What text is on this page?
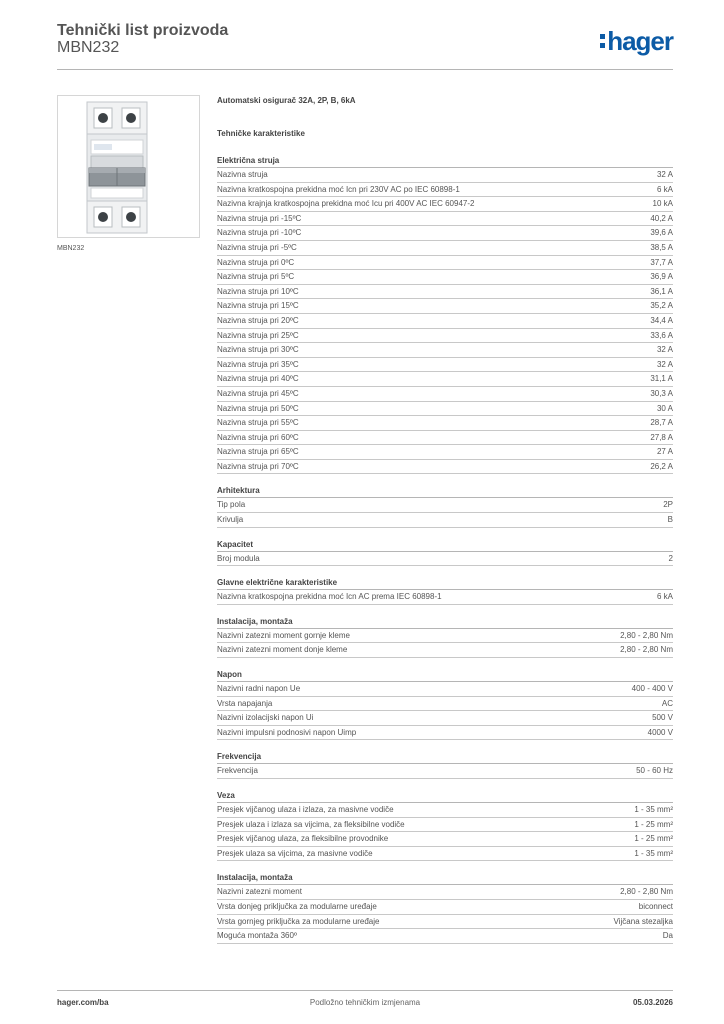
Tehnički list proizvoda
MBN232	hager
MBN232
Automatski osigurač 32A, 2P, B, 6kA
Tehničke karakteristike
Električna struja
Nazivna struja	32 A
Nazivna kratkospojna prekidna moć Icn pri 230V AC po IEC 60898-1	6 kA
Nazivna krajnja kratkospojna prekidna moć Icu pri 400V AC IEC 60947-2	10 kA
Nazivna struja pri -15ºC	40,2 A
Nazivna struja pri -10ºC	39,6 A
Nazivna struja pri -5ºC	38,5 A
Nazivna struja pri 0ºC	37,7 A
Nazivna struja pri 5ºC	36,9 A
Nazivna struja pri 10ºC	36,1 A
Nazivna struja pri 15ºC	35,2 A
Nazivna struja pri 20ºC	34,4 A
Nazivna struja pri 25ºC	33,6 A
Nazivna struja pri 30ºC	32 A
Nazivna struja pri 35ºC	32 A
Nazivna struja pri 40ºC	31,1 A
Nazivna struja pri 45ºC	30,3 A
Nazivna struja pri 50ºC	30 A
Nazivna struja pri 55ºC	28,7 A
Nazivna struja pri 60ºC	27,8 A
Nazivna struja pri 65ºC	27 A
Nazivna struja pri 70ºC	26,2 A
Arhitektura
Tip pola	2P
Krivulja	B
Kapacitet
Broj modula	2
Glavne električne karakteristike
Nazivna kratkospojna prekidna moć Icn AC prema IEC 60898-1	6 kA
Instalacija, montaža
Nazivni zatezni moment gornje kleme	2,80 - 2,80 Nm
Nazivni zatezni moment donje kleme	2,80 - 2,80 Nm
Napon
Nazivni radni napon Ue	400 - 400 V
Vrsta napajanja	AC
Nazivni izolacijski napon Ui	500 V
Nazivni impulsni podnosivi napon Uimp	4000 V
Frekvencija
Frekvencija	50 - 60 Hz
Veza
Presjek vijčanog ulaza i izlaza, za masivne vodiče	1 - 35 mm²
Presjek ulaza i izlaza sa vijcima, za fleksibilne vodiče	1 - 25 mm²
Presjek vijčanog ulaza, za fleksibilne provodnike	1 - 25 mm²
Presjek ulaza sa vijcima, za masivne vodiče	1 - 35 mm²
Instalacija, montaža
Nazivni zatezni moment	2,80 - 2,80 Nm
Vrsta donjeg priključka za modularne uređaje	biconnect
Vrsta gornjeg priključka za modularne uređaje	Vijčana stezaljka
Moguća montaža 360º	Da
hager.com/ba	Podložno tehničkim izmjenama	05.03.2026
